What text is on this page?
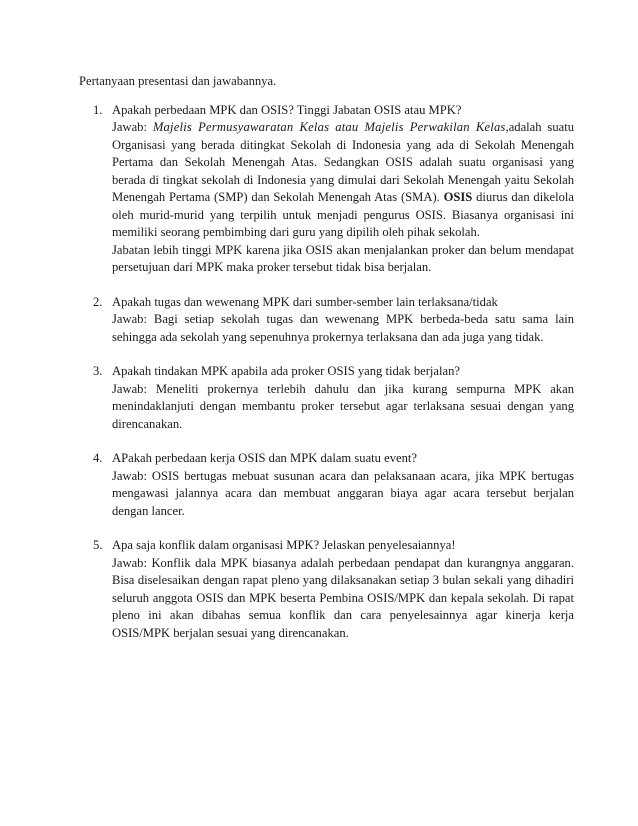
Pertanyaan presentasi dan jawabannya.

1. Apakah perbedaan MPK dan OSIS? Tinggi Jabatan OSIS atau MPK?

Jawab: Majelis Permusyawaratan Kelas atau Majelis Perwakilan Kelas,adalah suatu Organisasi yang berada ditingkat Sekolah di Indonesia yang ada di Sekolah Menengah Pertama dan Sekolah Menengah Atas. Sedangkan OSIS adalah suatu organisasi yang berada di tingkat sekolah di Indonesia yang dimulai dari Sekolah Menengah yaitu Sekolah Menengah Pertama (SMP) dan Sekolah Menengah Atas (SMA). OSIS diurus dan dikelola oleh murid-murid yang terpilih untuk menjadi pengurus OSIS. Biasanya organisasi ini memiliki seorang pembimbing dari guru yang dipilih oleh pihak sekolah.

Jabatan lebih tinggi MPK karena jika OSIS akan menjalankan proker dan belum mendapat persetujuan dari MPK maka proker tersebut tidak bisa berjalan.

2. Apakah tugas dan wewenang MPK dari sumber-sember lain terlaksana/tidak
Jawab: Bagi setiap sekolah tugas dan wewenang MPK berbeda-beda satu sama lain sehingga ada sekolah yang sepenuhnya prokernya terlaksana dan ada juga yang tidak.
3. Apakah tindakan MPK apabila ada proker OSIS yang tidak berjalan?
Jawab: Meneliti prokernya terlebih dahulu dan jika kurang sempurna MPK akan menindaklanjuti dengan membantu proker tersebut agar terlaksana sesuai dengan yang direncanakan.
4. APakah perbedaan kerja OSIS dan MPK dalam suatu event?
Jawab: OSIS bertugas mebuat susunan acara dan pelaksanaan acara, jika MPK bertugas mengawasi jalannya acara dan membuat anggaran biaya agar acara tersebut berjalan dengan lancer.
5. Apa saja konflik dalam organisasi MPK? Jelaskan penyelesaiannya!
Jawab: Konflik dala MPK biasanya adalah perbedaan pendapat dan kurangnya anggaran. Bisa diselesaikan dengan rapat pleno yang dilaksanakan setiap 3 bulan sekali yang dihadiri seluruh anggota OSIS dan MPK beserta Pembina OSIS/MPK dan kepala sekolah. Di rapat pleno ini akan dibahas semua konflik dan cara penyelesainnya agar kinerja kerja OSIS/MPK berjalan sesuai yang direncanakan.
